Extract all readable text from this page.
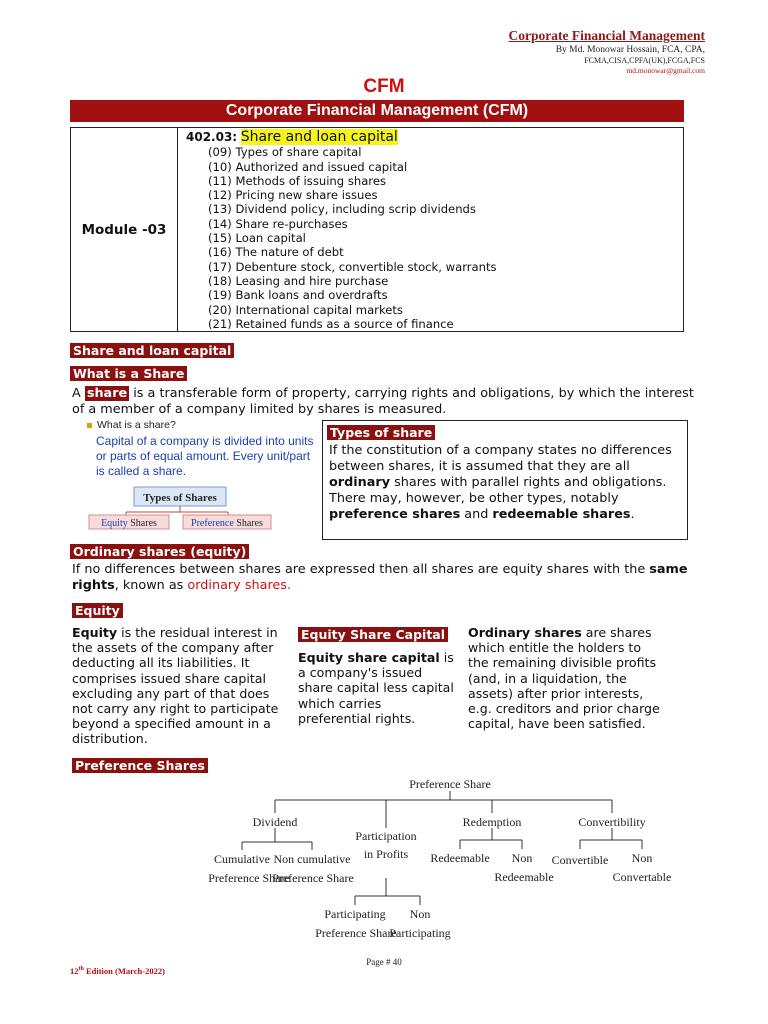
Corporate Financial Management
By Md. Monowar Hossain, FCA, CPA,
FCMA,CISA,CPFA(UK),FCGA,FCS
md.monowar@gmail.com
CFM
Corporate Financial Management (CFM)
Module -03	
402.03: Share and loan capital
(09) Types of share capital
(10) Authorized and issued capital
(11) Methods of issuing shares
(12) Pricing new share issues
(13) Dividend policy, including scrip dividends
(14) Share re-purchases
(15) Loan capital
(16) The nature of debt
(17) Debenture stock, convertible stock, warrants
(18) Leasing and hire purchase
(19) Bank loans and overdrafts
(20) International capital markets
(21) Retained funds as a source of finance
Share and loan capital
What is a Share
A share is a transferable form of property, carrying rights and obligations, by which the interest of a member of a company limited by shares is measured.
What is a share?
Capital of a company is divided into units or parts of equal amount. Every unit/part is called a share.
Types of Shares
Equity Shares	Preference Shares
Types of share
If the constitution of a company states no differences between shares, it is assumed that they are all ordinary shares with parallel rights and obligations. There may, however, be other types, notably preference shares and redeemable shares.
Ordinary shares (equity)
If no differences between shares are expressed then all shares are equity shares with the same rights, known as ordinary shares.
Equity
Equity is the residual interest in the assets of the company after deducting all its liabilities. It comprises issued share capital excluding any part of that does not carry any right to participate beyond a specified amount in a distribution.
Equity Share Capital
Equity share capital is a company's issued share capital less capital which carries preferential rights.
Ordinary shares are shares which entitle the holders to the remaining divisible profits (and, in a liquidation, the assets) after prior interests, e.g. creditors and prior charge capital, have been satisfied.
Preference Shares
Preference Share
Dividend
Participation
in Profits
Redemption	Convertibility
Cumulative
Preference Share
Non cumulative
Preference Share
Redeemable Non
Redeemable
Convertible Non
Convertable
Participating
Preference Share
Non
Participating
Page # 40
12th Edition (March-2022)
